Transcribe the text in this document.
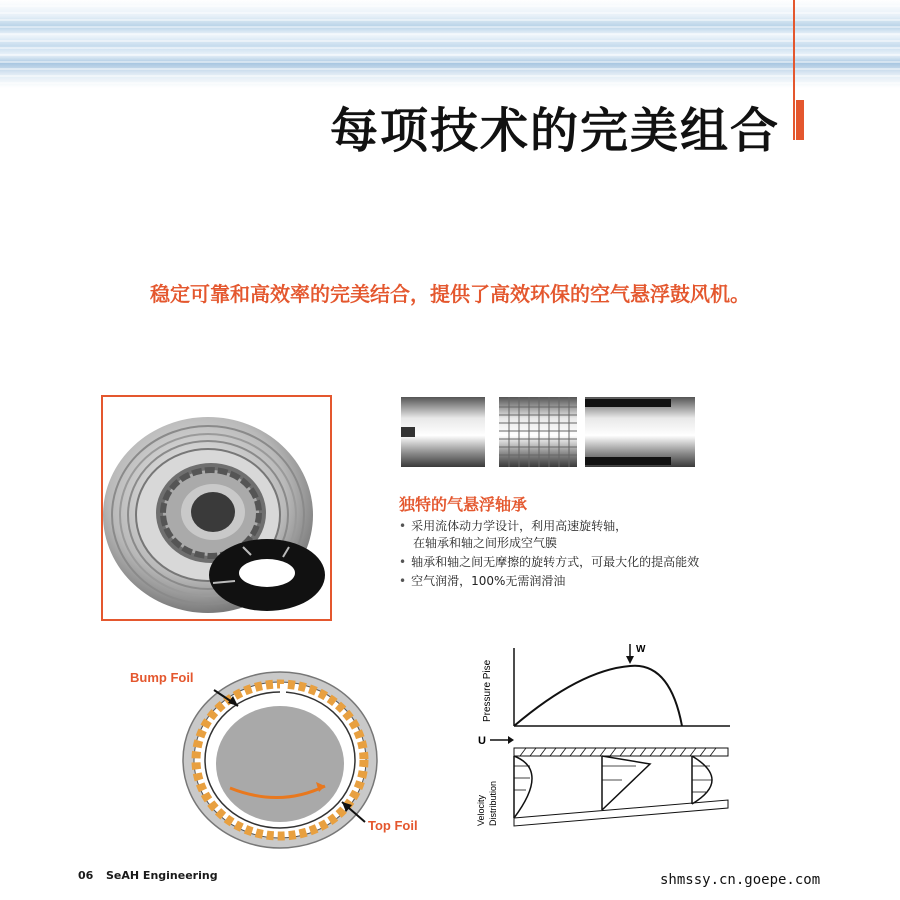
每项技术的完美组合
稳定可靠和高效率的完美结合，提供了高效环保的空气悬浮鼓风机。
独特的气悬浮轴承
• 采用流体动力学设计，利用高速旋转轴，
在轴承和轴之间形成空气膜
• 轴承和轴之间无摩擦的旋转方式，可最大化的提高能效
• 空气润滑，100%无需润滑油
Bump Foil
Top Foil
W
Pressure Pise
U
Velocity Distribution
06 SeAH Engineering	shmssy.cn.goepe.com
